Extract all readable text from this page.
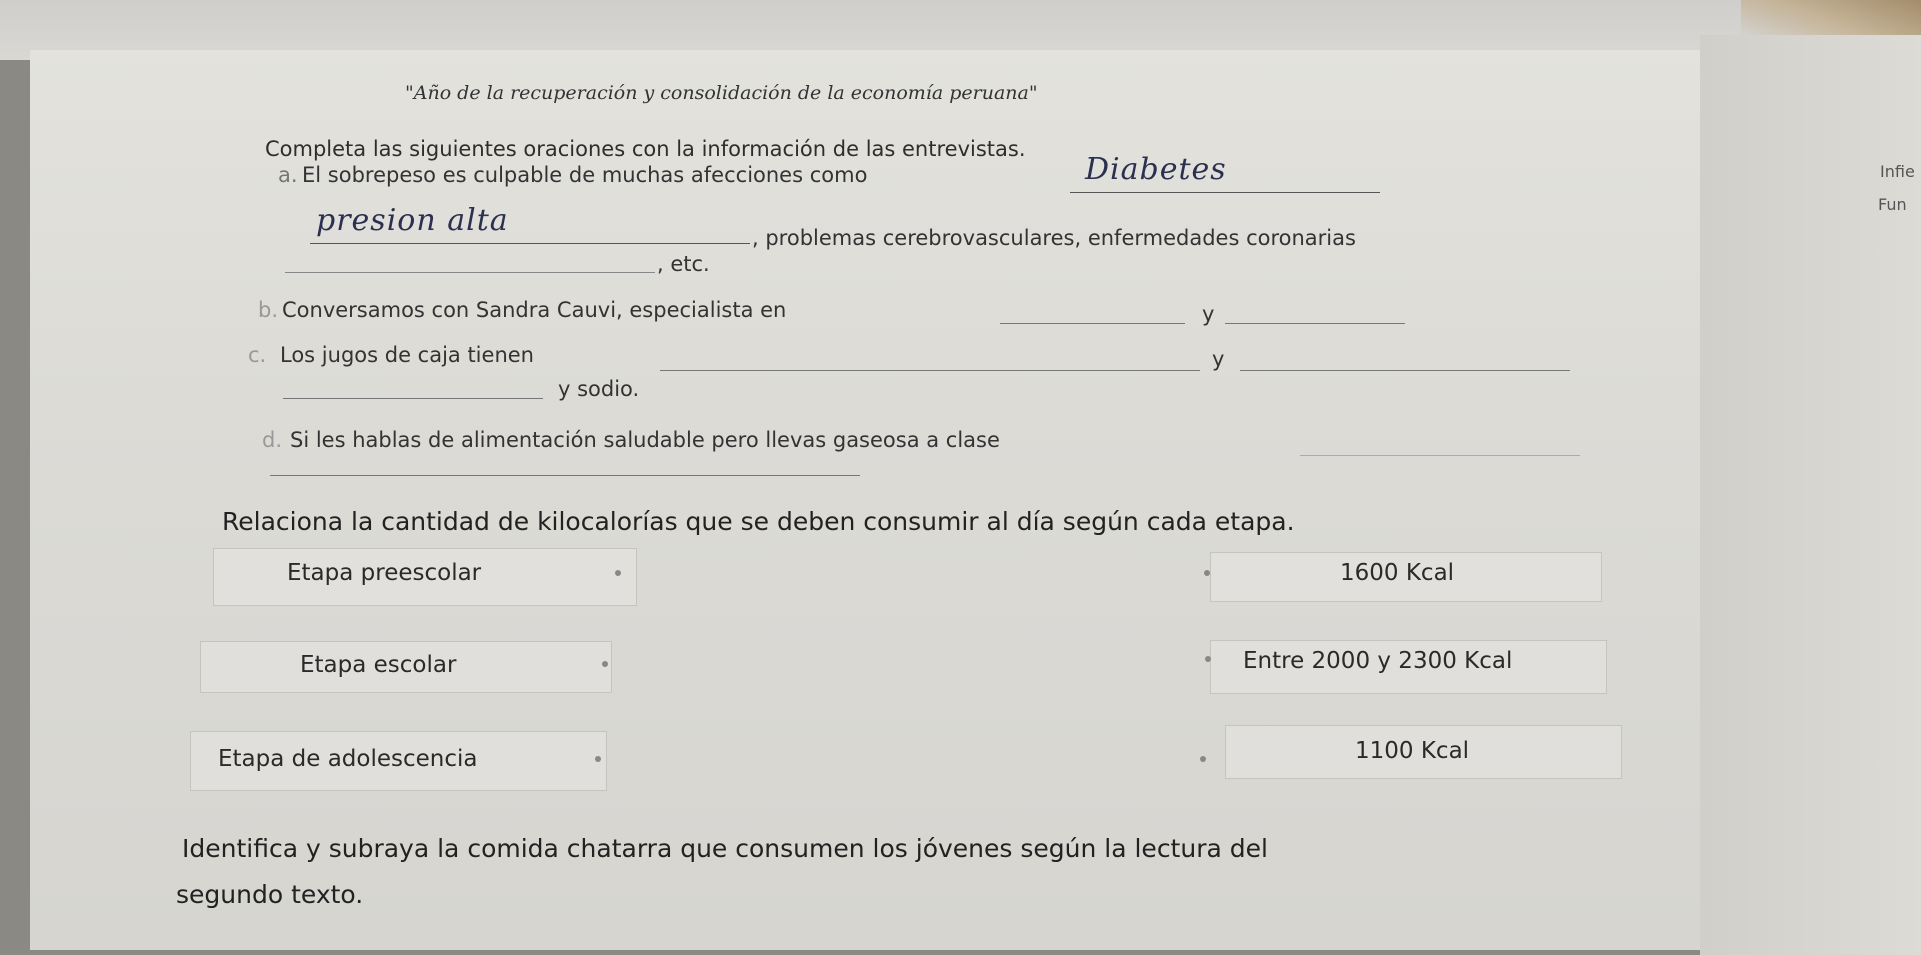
"Año de la recuperación y consolidación de la economía peruana"
Completa las siguientes oraciones con la información de las entrevistas.
a. El sobrepeso es culpable de muchas afecciones como	Diabetes
presion alta	, problemas cerebrovasculares, enfermedades coronarias
, etc.
b. Conversamos con Sandra Cauvi, especialista en	y
c. Los jugos de caja tienen	y
y sodio.
d. Si les hablas de alimentación saludable pero llevas gaseosa a clase
Relaciona la cantidad de kilocalorías que se deben consumir al día según cada etapa.
Etapa preescolar	1600 Kcal
Etapa escolar	Entre 2000 y 2300 Kcal
Etapa de adolescencia	1100 Kcal
Identifica y subraya la comida chatarra que consumen los jóvenes según la lectura del
segundo texto.
Infie
Fun
